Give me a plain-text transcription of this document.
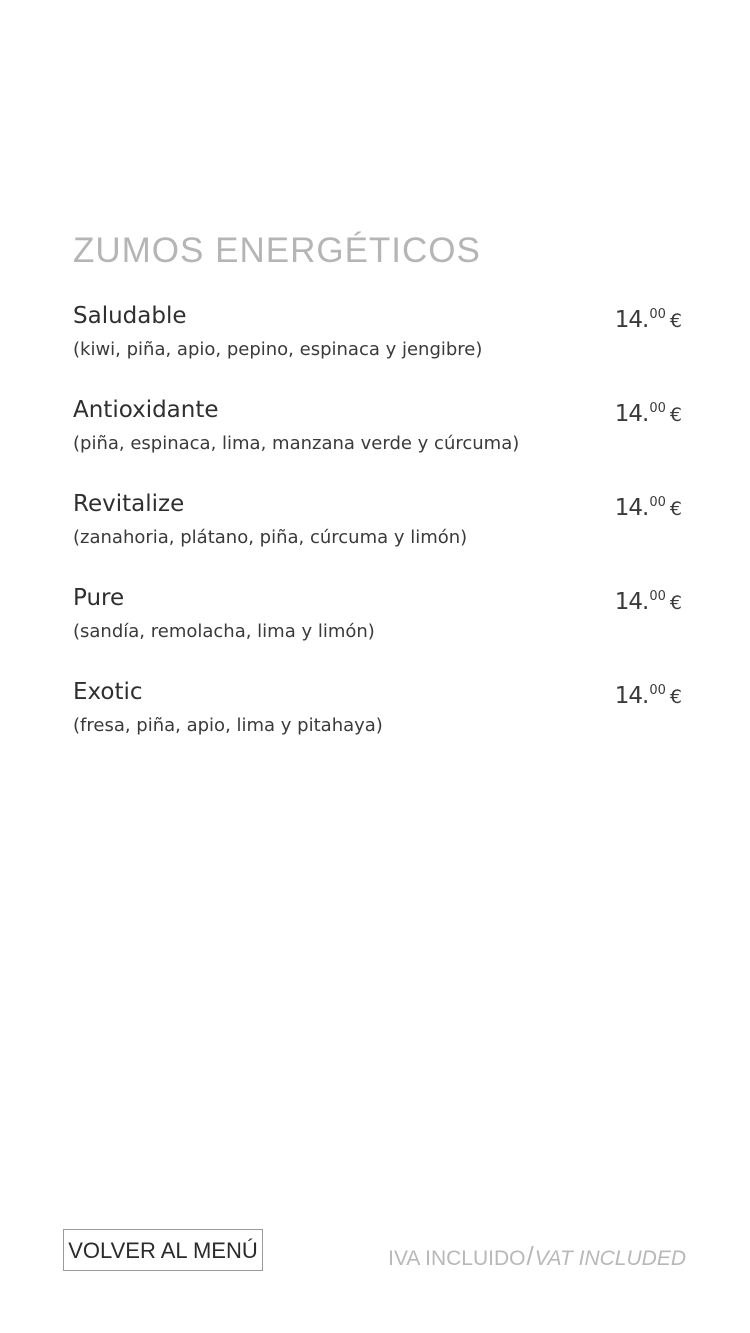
ZUMOS ENERGÉTICOS
Saludable
(kiwi, piña, apio, pepino, espinaca y jengibre)
14.00 €
Antioxidante
(piña, espinaca, lima, manzana verde y cúrcuma)
14.00 €
Revitalize
(zanahoria, plátano, piña, cúrcuma y limón)
14.00 €
Pure
(sandía, remolacha, lima y limón)
14.00 €
Exotic
(fresa, piña, apio, lima y pitahaya)
14.00 €
VOLVER AL MENÚ	IVA INCLUIDO/VAT INCLUDED
